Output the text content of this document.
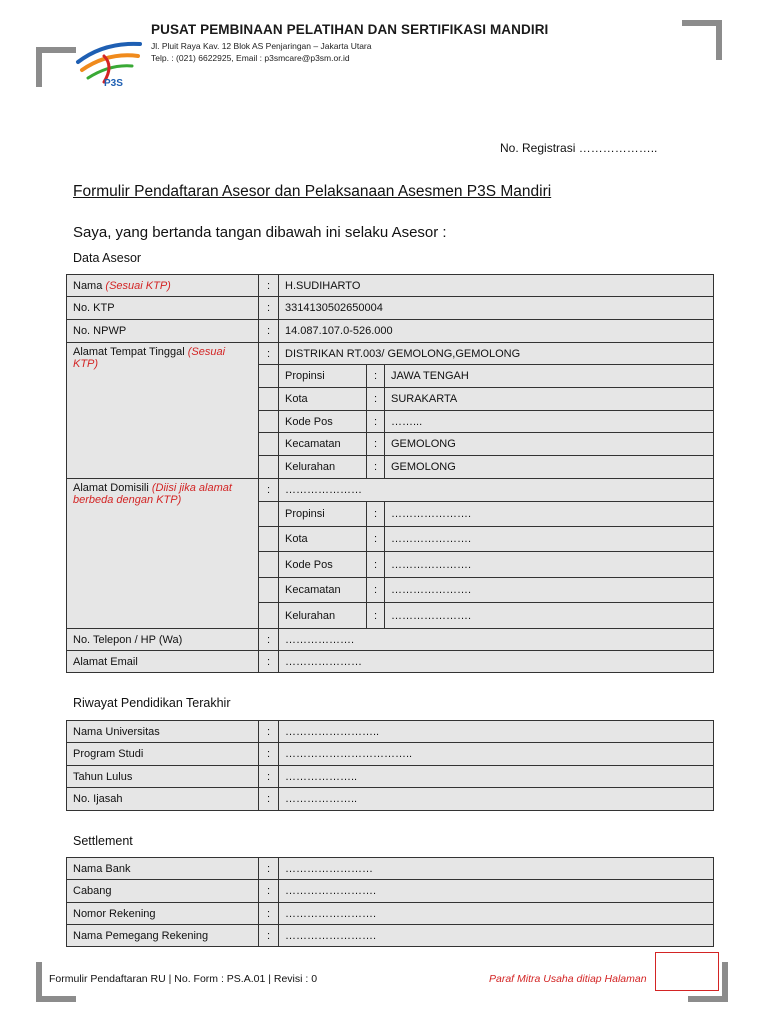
P3S
PUSAT PEMBINAAN PELATIHAN DAN SERTIFIKASI MANDIRI
Jl. Pluit Raya Kav. 12 Blok AS Penjaringan – Jakarta Utara
Telp. : (021) 6622925, Email : p3smcare@p3sm.or.id
No. Registrasi ………………..
Formulir Pendaftaran Asesor dan Pelaksanaan Asesmen P3S Mandiri
Saya, yang bertanda tangan dibawah ini selaku Asesor :
Data Asesor
Nama (Sesuai KTP)	:	H.SUDIHARTO		
No. KTP	:	3314130502650004		
No. NPWP	:	14.087.107.0-526.000		
Alamat Tempat Tinggal (Sesuai KTP)	:	DISTRIKAN RT.003/ GEMOLONG,GEMOLONG		
		Propinsi	:	JAWA TENGAH
		Kota	:	SURAKARTA
		Kode Pos	:	……...
		Kecamatan	:	GEMOLONG
		Kelurahan	:	GEMOLONG
Alamat Domisili (Diisi jika alamat berbeda dengan KTP)	:	…………………		
		Propinsi	:	………………….
		Kota	:	………………….
		Kode Pos	:	………………….
		Kecamatan	:	………………….
		Kelurahan	:	………………….
No. Telepon / HP (Wa)	:	……………….		
Alamat Email	:	…………………		
Riwayat Pendidikan Terakhir
Nama Universitas	:	……………………..
Program Studi	:	……………………………..
Tahun Lulus	:	………………..
No. Ijasah	:	………………..
Settlement
Nama Bank	:	……………………
Cabang	:	…………………….
Nomor Rekening	:	…………………….
Nama Pemegang Rekening	:	…………………….
Formulir Pendaftaran RU | No. Form : PS.A.01 | Revisi : 0	Paraf Mitra Usaha ditiap Halaman
